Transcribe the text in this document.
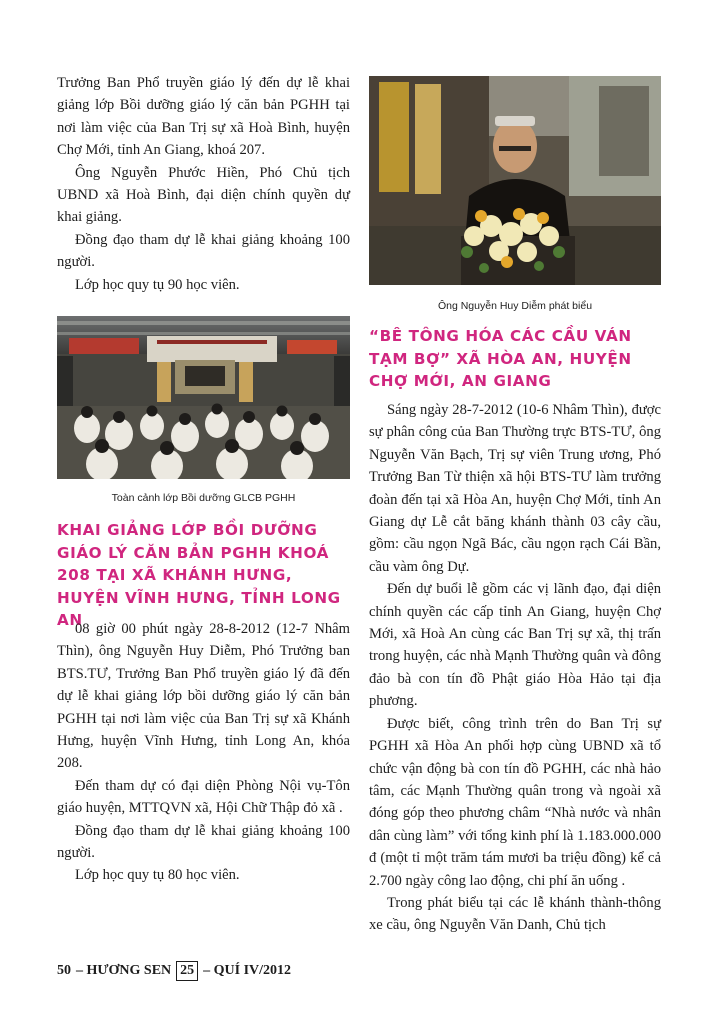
Trưởng Ban Phổ truyền giáo lý đến dự lễ khai giảng lớp Bồi dưỡng giáo lý căn bản PGHH tại nơi làm việc của Ban Trị sự xã Hoà Bình, huyện Chợ Mới, tỉnh An Giang, khoá 207.

Ông Nguyễn Phước Hiền, Phó Chủ tịch UBND xã Hoà Bình, đại diện chính quyền dự khai giảng.

Đồng đạo tham dự lễ khai giảng khoảng 100 người.

Lớp học quy tụ 90 học viên.

Toàn cảnh lớp Bồi dưỡng GLCB PGHH
KHAI GIẢNG LỚP BỒI DƯỠNG GIÁO LÝ CĂN BẢN PGHH KHOÁ 208 TẠI XÃ KHÁNH HƯNG, HUYỆN VĨNH HƯNG, TỈNH LONG AN

08 giờ 00 phút ngày 28-8-2012 (12-7 Nhâm Thìn), ông Nguyễn Huy Diễm, Phó Trưởng ban BTS.TƯ, Trưởng Ban Phổ truyền giáo lý đã đến dự lễ khai giảng lớp bồi dưỡng giáo lý căn bản PGHH tại nơi làm việc của Ban Trị sự xã Khánh Hưng, huyện Vĩnh Hưng, tỉnh Long An, khóa 208.

Đến tham dự có đại diện Phòng Nội vụ-Tôn giáo huyện, MTTQVN xã, Hội Chữ Thập đỏ xã .

Đồng đạo tham dự lễ khai giảng khoảng 100 người.

Lớp học quy tụ 80 học viên.

Ông Nguyễn Huy Diễm phát biểu
“BÊ TÔNG HÓA CÁC CẦU VÁN TẠM BỢ” XÃ HÒA AN, HUYỆN CHỢ MỚI, AN GIANG

Sáng ngày 28-7-2012 (10-6 Nhâm Thìn), được sự phân công của Ban Thường trực BTS-TƯ, ông Nguyễn Văn Bạch, Trị sự viên Trung ương, Phó Trưởng Ban Từ thiện xã hội BTS-TƯ làm trưởng đoàn đến tại xã Hòa An, huyện Chợ Mới, tỉnh An Giang dự Lễ cắt băng khánh thành 03 cây cầu, gồm: cầu ngọn Ngã Bác, cầu ngọn rạch Cái Bần, cầu vàm ông Dự.

Đến dự buổi lễ gồm các vị lãnh đạo, đại diện chính quyền các cấp tỉnh An Giang, huyện Chợ Mới, xã Hoà An cùng các Ban Trị sự xã, thị trấn trong huyện, các nhà Mạnh Thường quân và đông đảo bà con tín đồ Phật giáo Hòa Hảo tại địa phương.

Được biết, công trình trên do Ban Trị sự PGHH xã Hòa An phối hợp cùng UBND xã tổ chức vận động bà con tín đồ PGHH, các nhà hảo tâm, các Mạnh Thường quân trong và ngoài xã đóng góp theo phương châm “Nhà nước và nhân dân cùng làm” với tổng kinh phí là 1.183.000.000 đ (một tỉ một trăm tám mươi ba triệu đồng) kể cả 2.700 ngày công lao động, chi phí ăn uống .

Trong phát biểu tại các lễ khánh thành-thông xe cầu, ông Nguyễn Văn Danh, Chủ tịch

50 – HƯƠNG SEN 25 – QUÍ IV/2012
